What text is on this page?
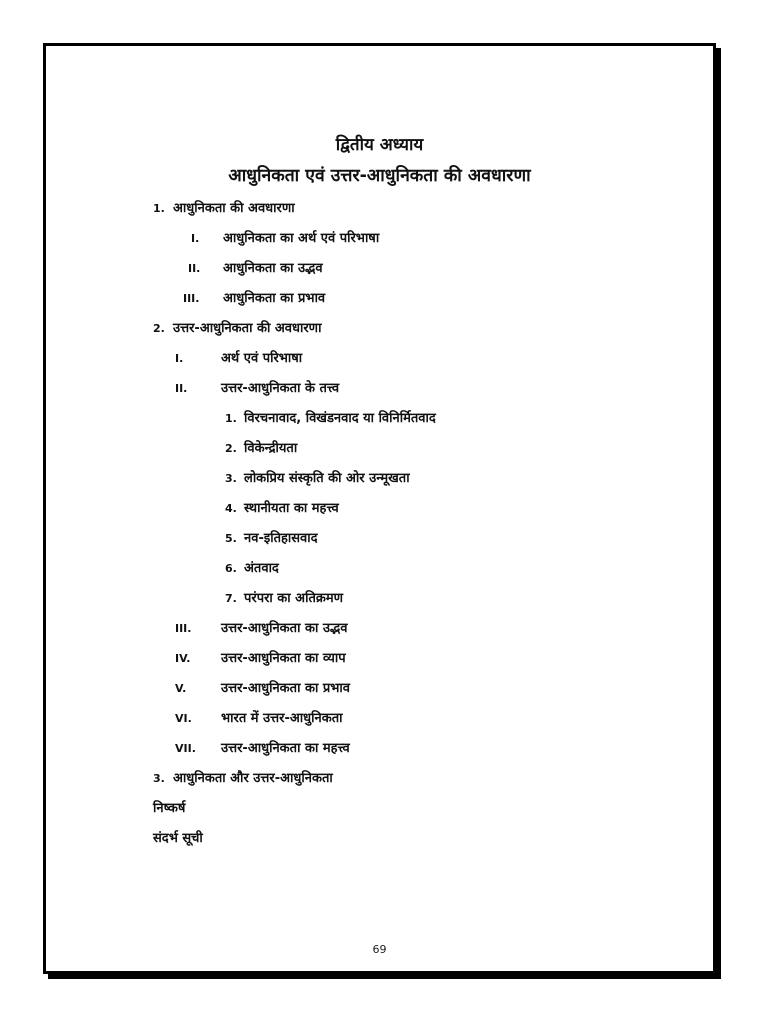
द्वितीय अध्याय
आधुनिकता एवं उत्तर-आधुनिकता की अवधारणा
1. आधुनिकता की अवधारणा
I. आधुनिकता का अर्थ एवं परिभाषा
II. आधुनिकता का उद्भव
III. आधुनिकता का प्रभाव
2. उत्तर-आधुनिकता की अवधारणा
I.	अर्थ एवं परिभाषा
II.	उत्तर-आधुनिकता के तत्त्व
1. विरचनावाद, विखंडनवाद या विनिर्मितवाद
2. विकेन्द्रीयता
3. लोकप्रिय संस्कृति की ओर उन्मूखता
4. स्थानीयता का महत्त्व
5. नव-इतिहासवाद
6. अंतवाद
7. परंपरा का अतिक्रमण
III. उत्तर-आधुनिकता का उद्भव
IV. उत्तर-आधुनिकता का व्याप
V.	उत्तर-आधुनिकता का प्रभाव
VI. भारत में उत्तर-आधुनिकता
VII. उत्तर-आधुनिकता का महत्त्व
3. आधुनिकता और उत्तर-आधुनिकता
निष्कर्ष
संदर्भ सूची
69
